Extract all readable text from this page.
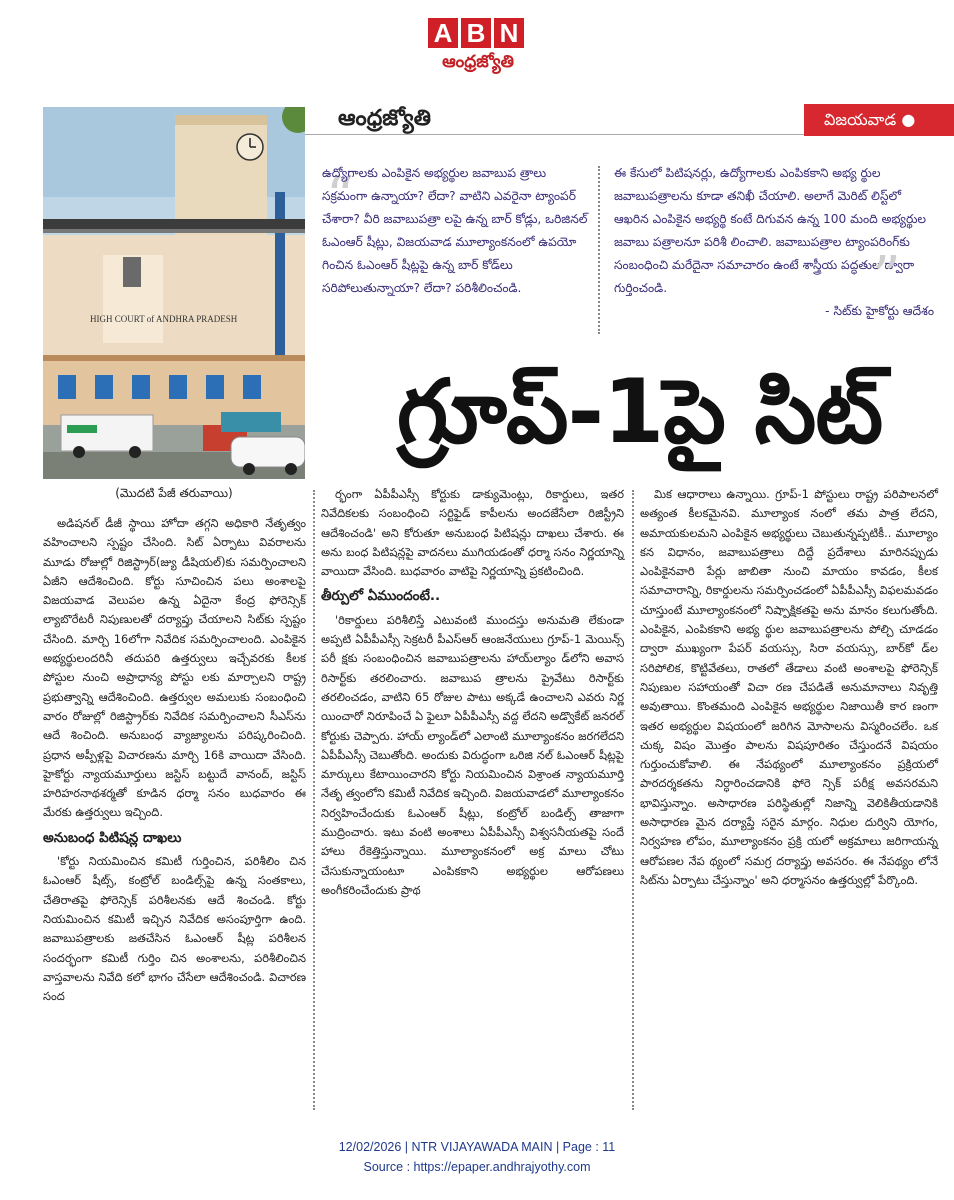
A B N
ఆంధ్రజ్యోతి
ఆంధ్రజ్యోతి	విజయవాడ ●
HIGH COURT of ANDHRA PRADESH
(మొదటి పేజీ తరువాయి)
“
ఉద్యోగాలకు ఎంపికైన అభ్యర్థుల జవాబుప త్రాలు సక్రమంగా ఉన్నాయా? లేదా? వాటిని ఎవరైనా ట్యాంపర్ చేశారా? వీరి జవాబుపత్రా లపై ఉన్న బార్ కోడ్లు, ఒరిజినల్ ఓఎంఆర్ షీట్లు, విజయవాడ మూల్యాంకనంలో ఉపయో గించిన ఓఎంఆర్ షీట్లపై ఉన్న బార్ కోడ్‌లు సరిపోలుతున్నాయా? లేదా? పరిశీలించండి.
ఈ కేసులో పిటిషనర్లు, ఉద్యోగాలకు ఎంపికకాని అభ్య ర్థుల జవాబుపత్రాలను కూడా తనిఖీ చేయాలి. అలాగే మెరిట్ లిస్ట్‌లో ఆఖరిన ఎంపికైన అభ్యర్థి కంటే దిగువన ఉన్న 100 మంది అభ్యర్థుల జవాబు పత్రాలనూ పరిశీ లించాలి. జవాబుపత్రాల ట్యాంపరింగ్‌కు సంబంధించి మరేదైనా సమాచారం ఉంటే శాస్త్రీయ పద్ధతుల ద్వారా గుర్తించండి.
- సిట్‌కు హైకోర్టు ఆదేశం
”
గ్రూప్-1పై సిట్

అడిషనల్ డీజీ స్థాయి హోదా తగ్గని అధికారి నేతృత్వం వహించాలని స్పష్టం చేసింది. సిట్ ఏర్పాటు వివరాలను మూడు రోజుల్లో రిజిస్ట్రార్(జ్యు డీషియల్)కు సమర్పించాలని ఏజీని ఆదేశించింది. కోర్టు సూచించిన పలు అంశాలపై విజయవాడ వెలుపల ఉన్న ఏదైనా కేంద్ర ఫోరెన్సిక్ ల్యాబొరేటరీ నిపుణులతో దర్యాప్తు చేయాలని సిట్‌కు స్పష్టం చేసింది. మార్చి 16లోగా నివేదిక సమర్పించాలంది. ఎంపికైన అభ్యర్థులందరినీ తదుపరి ఉత్తర్వులు ఇచ్చేవరకు కీలక పోస్టుల నుంచి అప్రాధాన్య పోస్టు లకు మార్చాలని రాష్ట్ర ప్రభుత్వాన్ని ఆదేశించింది. ఉత్తర్వుల అమలుకు సంబంధించి వారం రోజుల్లో రిజిస్ట్రార్‌కు నివేదిక సమర్పించాలని సీఎస్‌ను ఆదే శించింది. అనుబంధ వ్యాజ్యాలను పరిష్కరించింది. ప్రధాన అప్పీళ్లపై విచారణను మార్చి 16కి వాయిదా వేసింది. హైకోర్టు న్యాయమూర్తులు జస్టిస్ బట్టుదే వానంద్, జస్టిస్ హరిహరనాథశర్మతో కూడిన ధర్మా సనం బుధవారం ఈ మేరకు ఉత్తర్వులు ఇచ్చింది.

అనుబంధ పిటిషన్ల దాఖలు

'కోర్టు నియమించిన కమిటీ గుర్తించిన, పరిశీలిం చిన ఓఎంఆర్ షీట్స్, కంట్రోల్ బండిల్స్‌పై ఉన్న సంతకాలు, చేతిరాతపై ఫోరెన్సిక్ పరిశీలనకు ఆదే శించండి. కోర్టు నియమించిన కమిటీ ఇచ్చిన నివేదిక అసంపూర్తిగా ఉంది. జవాబుపత్రాలకు జతచేసిన ఓఎంఆర్ షీట్ల పరిశీలన సందర్భంగా కమిటీ గుర్తిం చిన అంశాలను, పరిశీలించిన వాస్తవాలను నివేది కలో భాగం చేసేలా ఆదేశించండి. విచారణ సంద

ర్భంగా ఏపీపీఎస్సీ కోర్టుకు డాక్యుమెంట్లు, రికార్డులు, ఇతర నివేదికలకు సంబంధించి సర్టిఫైడ్ కాపీలను అందజేసేలా రిజిస్ట్రీని ఆదేశించండి' అని కోరుతూ అనుబంధ పిటిషన్లు దాఖలు చేశారు. ఈ అను బంధ పిటిషన్లపై వాదనలు ముగియడంతో ధర్మా సనం నిర్ణయాన్ని వాయిదా వేసింది. బుధవారం వాటిపై నిర్ణయాన్ని ప్రకటించింది.

తీర్పులో ఏముందంటే..

'రికార్డులు పరిశీలిస్తే ఎటువంటి ముందస్తు అనుమతి లేకుండా అప్పటి ఏపీపీఎస్సీ సెక్రటరీ పీఎస్ఆర్ ఆంజనేయులు గ్రూప్-1 మెయిన్స్ పరీ క్షకు సంబంధించిన జవాబుపత్రాలను హాయ్‌ల్యాం డ్‌లోని అవాస రిసార్ట్‌కు తరలించారు. జవాబుప త్రాలను ప్రైవేటు రిసార్ట్‌కు తరలించడం, వాటిని 65 రోజుల పాటు అక్కడే ఉంచాలని ఎవరు నిర్ణ యించారో నిరూపించే ఏ ఫైలూ ఏపీపీఎస్సీ వద్ద లేదని అడ్వొకేట్ జనరల్ కోర్టుకు చెప్పారు. హాయ్ ల్యాండ్‌లో ఎలాంటి మూల్యాంకనం జరగలేదని ఏపీపీఎస్సీ చెబుతోంది. అందుకు విరుద్ధంగా ఒరిజి నల్ ఓఎంఆర్ షీట్లపై మార్కులు కేటాయించారని కోర్టు నియమించిన విశ్రాంత న్యాయమూర్తి నేతృ త్వంలోని కమిటీ నివేదిక ఇచ్చింది. విజయవాడలో మూల్యాంకనం నిర్వహించేందుకు ఓఎంఆర్ షీట్లు, కంట్రోల్ బండిల్స్ తాజాగా ముద్రించారు. ఇటు వంటి అంశాలు ఏపీపీఎస్సీ విశ్వసనీయతపై సందే హాలు రేకెత్తిస్తున్నాయి. మూల్యాంకనంలో అక్ర మాలు చోటు చేసుకున్నాయంటూ ఎంపికకాని అభ్యర్థుల ఆరోపణలు అంగీకరించేందుకు ప్రాథ

మిక ఆధారాలు ఉన్నాయి. గ్రూప్-1 పోస్టులు రాష్ట్ర పరిపాలనలో అత్యంత కీలకమైనవి. మూల్యాంక నంలో తమ పాత్ర లేదని, అమాయకులమని ఎంపికైన అభ్యర్థులు చెబుతున్నప్పటికీ.. మూల్యాం కన విధానం, జవాబుపత్రాలు దిద్దే ప్రదేశాలు మారినప్పుడు ఎంపికైనవారి పేర్లు జాబితా నుంచి మాయం కావడం, కీలక సమాచారాన్ని, రికార్డులను సమర్పించడంలో ఏపీపీఎస్సీ విఫలమవడం చూస్తుంటే మూల్యాంకనంలో నిష్పాక్షికతపై అను మానం కలుగుతోంది. ఎంపికైన, ఎంపికకాని అభ్య ర్థుల జవాబుపత్రాలను పోల్చి చూడడం ద్వారా ముఖ్యంగా పేపర్ వయస్సు, సిరా వయస్సు, బార్‌కో డ్‌ల సరిపోలిక, కొట్టివేతలు, రాతలో తేడాలు వంటి అంశాలపై ఫోరెన్సిక్ నిపుణుల సహాయంతో విచా రణ చేపడితే అనుమానాలు నివృత్తి అవుతాయి. కొంతమంది ఎంపికైన అభ్యర్థుల నిజాయితీ కార ణంగా ఇతర అభ్యర్థుల విషయంలో జరిగిన మోసాలను విస్మరించలేం. ఒక చుక్క విషం మొత్తం పాలను విషపూరితం చేస్తుందనే విషయం గుర్తుంచుకోవాలి. ఈ నేపథ్యంలో మూల్యాంకనం ప్రక్రియలో పారదర్శకతను నిర్ధారించడానికి ఫోరె న్సిక్ పరీక్ష అవసరమని భావిస్తున్నాం. అసాధారణ పరిస్థితుల్లో నిజాన్ని వెలికితీయడానికి అసాధారణ మైన దర్యాప్తే సరైన మార్గం. నిధుల దుర్విని యోగం, నిర్వహణ లోపం, మూల్యాంకనం ప్రక్రి యలో అక్రమాలు జరిగాయన్న ఆరోపణల నేప థ్యంలో సమగ్ర దర్యాప్తు అవసరం. ఈ నేపథ్యం లోనే సిట్‌ను ఏర్పాటు చేస్తున్నాం' అని ధర్మాసనం ఉత్తర్వుల్లో పేర్కొంది.

12/02/2026 | NTR VIJAYAWADA MAIN | Page : 11
Source : https://epaper.andhrajyothy.com
